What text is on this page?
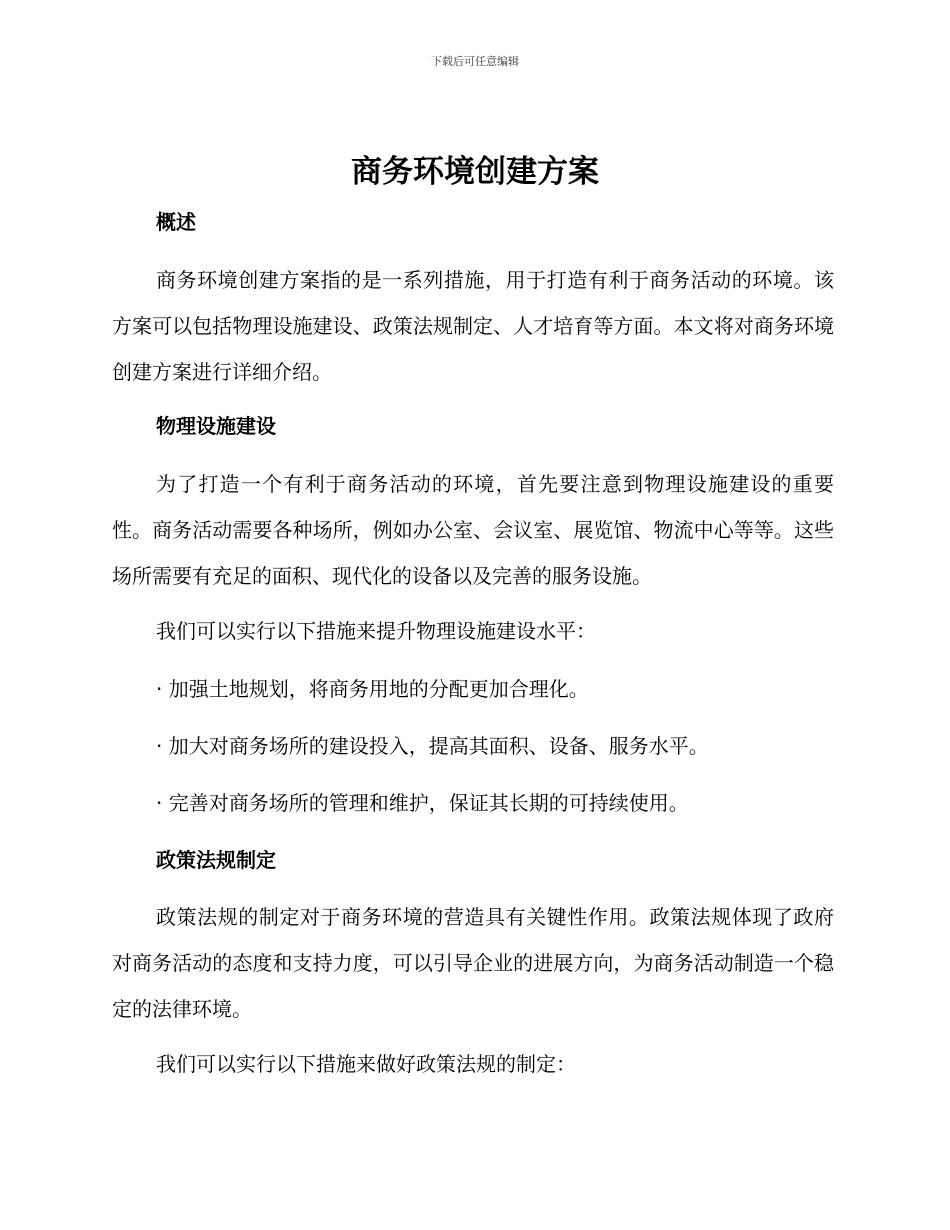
下载后可任意编辑
商务环境创建方案
概述

商务环境创建方案指的是一系列措施，用于打造有利于商务活动的环境。该方案可以包括物理设施建设、政策法规制定、人才培育等方面。本文将对商务环境创建方案进行详细介绍。

物理设施建设

为了打造一个有利于商务活动的环境，首先要注意到物理设施建设的重要性。商务活动需要各种场所，例如办公室、会议室、展览馆、物流中心等等。这些场所需要有充足的面积、现代化的设备以及完善的服务设施。

我们可以实行以下措施来提升物理设施建设水平：
· 加强土地规划，将商务用地的分配更加合理化。
· 加大对商务场所的建设投入，提高其面积、设备、服务水平。
· 完善对商务场所的管理和维护，保证其长期的可持续使用。
政策法规制定

政策法规的制定对于商务环境的营造具有关键性作用。政策法规体现了政府对商务活动的态度和支持力度，可以引导企业的进展方向，为商务活动制造一个稳定的法律环境。

我们可以实行以下措施来做好政策法规的制定：
